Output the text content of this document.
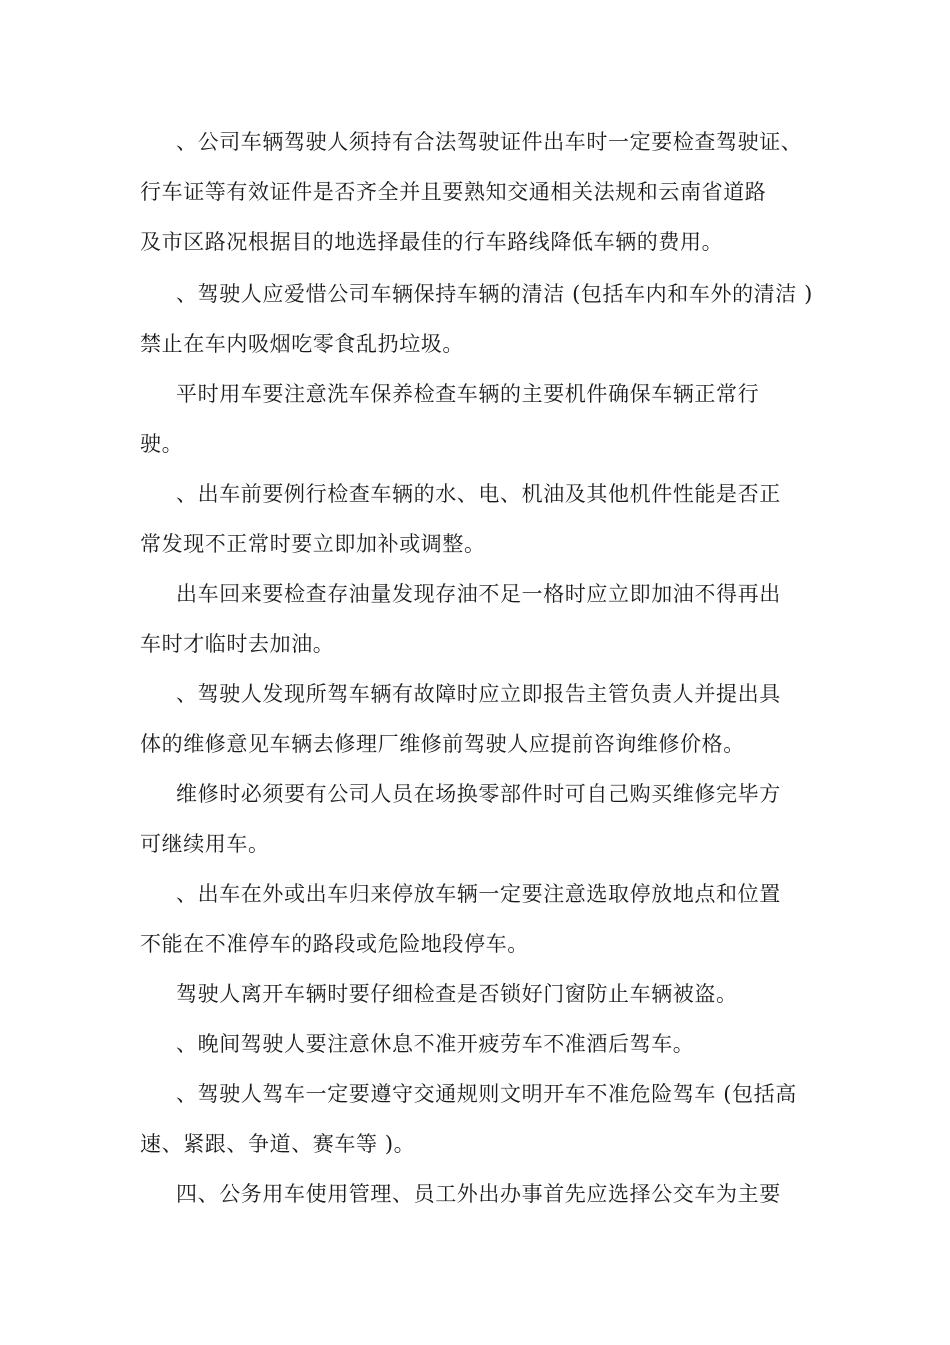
、公司车辆驾驶人须持有合法驾驶证件出车时一定要检查驾驶证、
行车证等有效证件是否齐全并且要熟知交通相关法规和云南省道路
及市区路况根据目的地选择最佳的行车路线降低车辆的费用。
、驾驶人应爱惜公司车辆保持车辆的清洁 (包括车内和车外的清洁 )
禁止在车内吸烟吃零食乱扔垃圾。
平时用车要注意洗车保养检查车辆的主要机件确保车辆正常行
驶。
、出车前要例行检查车辆的水、电、机油及其他机件性能是否正
常发现不正常时要立即加补或调整。
出车回来要检查存油量发现存油不足一格时应立即加油不得再出
车时才临时去加油。
、驾驶人发现所驾车辆有故障时应立即报告主管负责人并提出具
体的维修意见车辆去修理厂维修前驾驶人应提前咨询维修价格。
维修时必须要有公司人员在场换零部件时可自己购买维修完毕方
可继续用车。
、出车在外或出车归来停放车辆一定要注意选取停放地点和位置
不能在不准停车的路段或危险地段停车。
驾驶人离开车辆时要仔细检查是否锁好门窗防止车辆被盗。
、晚间驾驶人要注意休息不准开疲劳车不准酒后驾车。
、驾驶人驾车一定要遵守交通规则文明开车不准危险驾车 (包括高
速、紧跟、争道、赛车等 )。
四、公务用车使用管理、员工外出办事首先应选择公交车为主要
